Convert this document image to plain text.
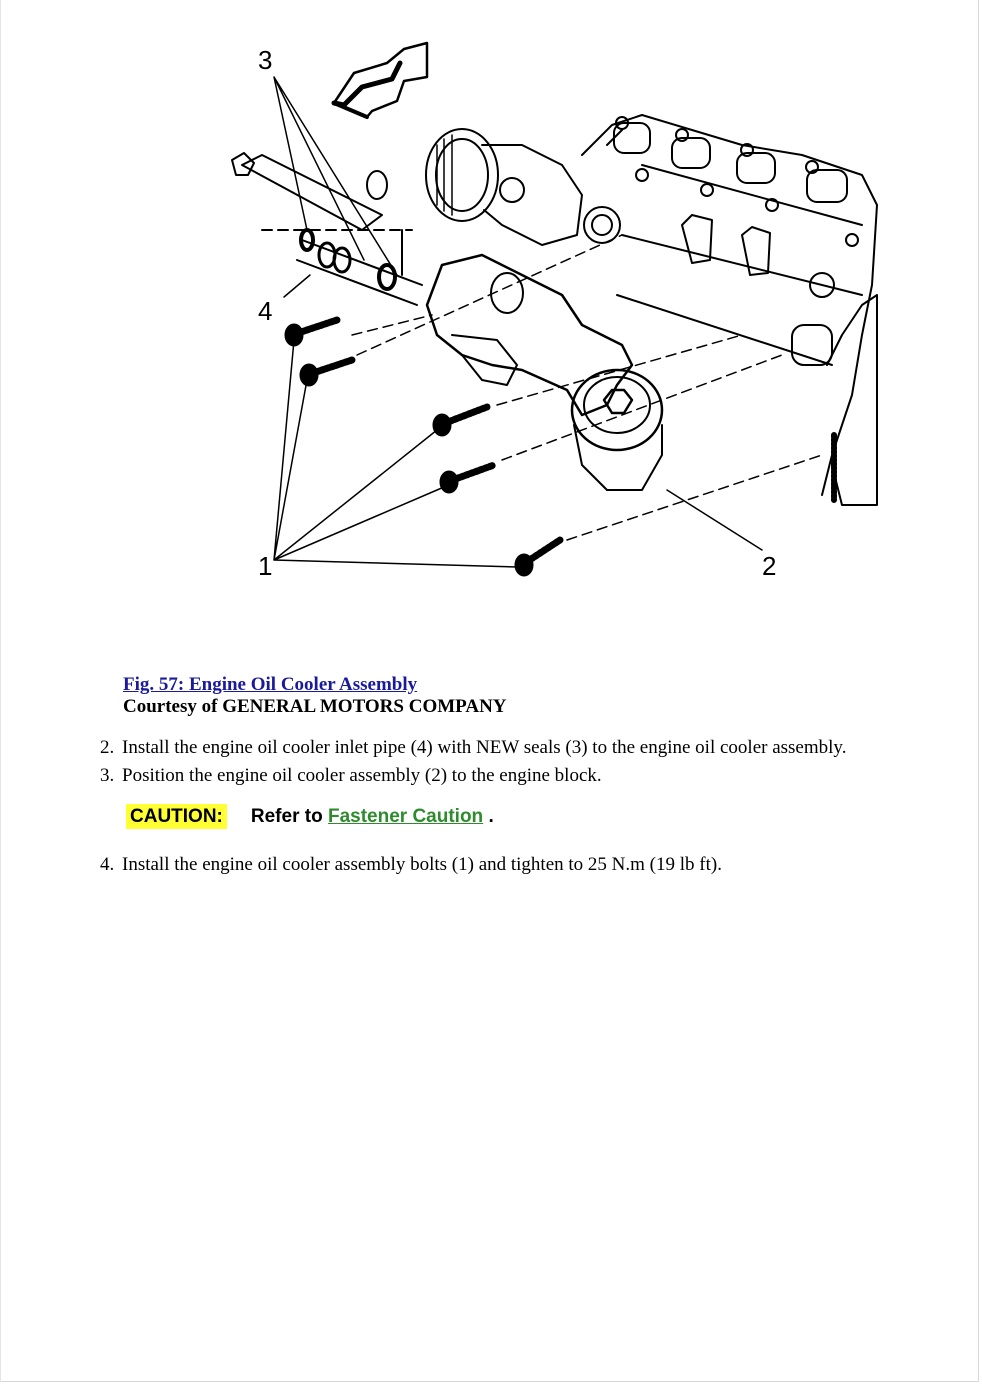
3
4
1	2
Fig. 57: Engine Oil Cooler Assembly
Courtesy of GENERAL MOTORS COMPANY
2. Install the engine oil cooler inlet pipe (4) with NEW seals (3) to the engine oil cooler assembly.
3. Position the engine oil cooler assembly (2) to the engine block.
4. Install the engine oil cooler assembly bolts (1) and tighten to 25 N.m (19 lb ft).
CAUTION: Refer to Fastener Caution .
